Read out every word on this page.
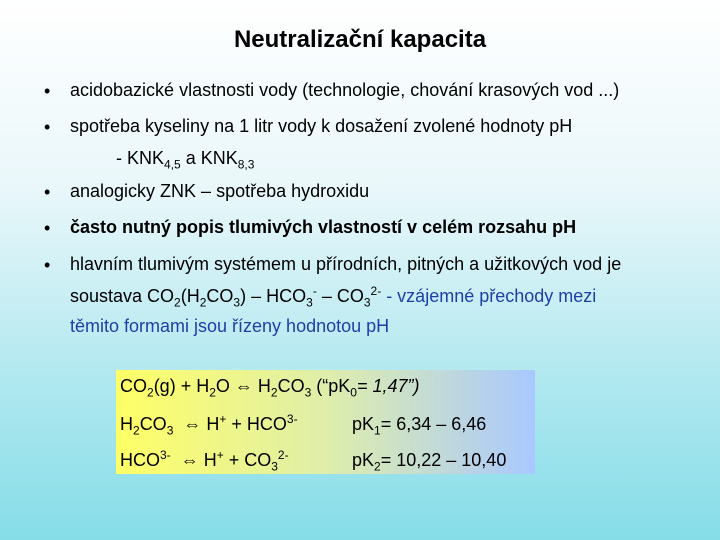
Neutralizační kapacita
• acidobazické vlastnosti vody (technologie, chování krasových vod ...)
• spotřeba kyseliny na 1 litr vody k dosažení zvolené hodnoty pH
- $KNK_{4,5}$ a $KNK_{8,3}$
• analogicky ZNK – spotřeba hydroxidu
• často nutný popis tlumivých vlastností v celém rozsahu pH
• hlavním tlumivým systémem u přírodních, pitných a užitkových vod je
soustava $CO_2(H_2CO_3) - HCO_3^- - CO_3^{2-}$ - vzájemné přechody mezi
těmito formami jsou řízeny hodnotou pH
$CO_2(g) + H_2O$ ⇔ $H_2CO_3$ (“$pK_0=$ 1,47”)
$H_2CO_3$ ⇔ $H^+ + HCO^{3-}$	$pK_1= 6,34 - 6,46$
$HCO^{3-}$ ⇔ $H^+ + CO_3^{2-}$	$pK_2= 10,22 - 10,40$
